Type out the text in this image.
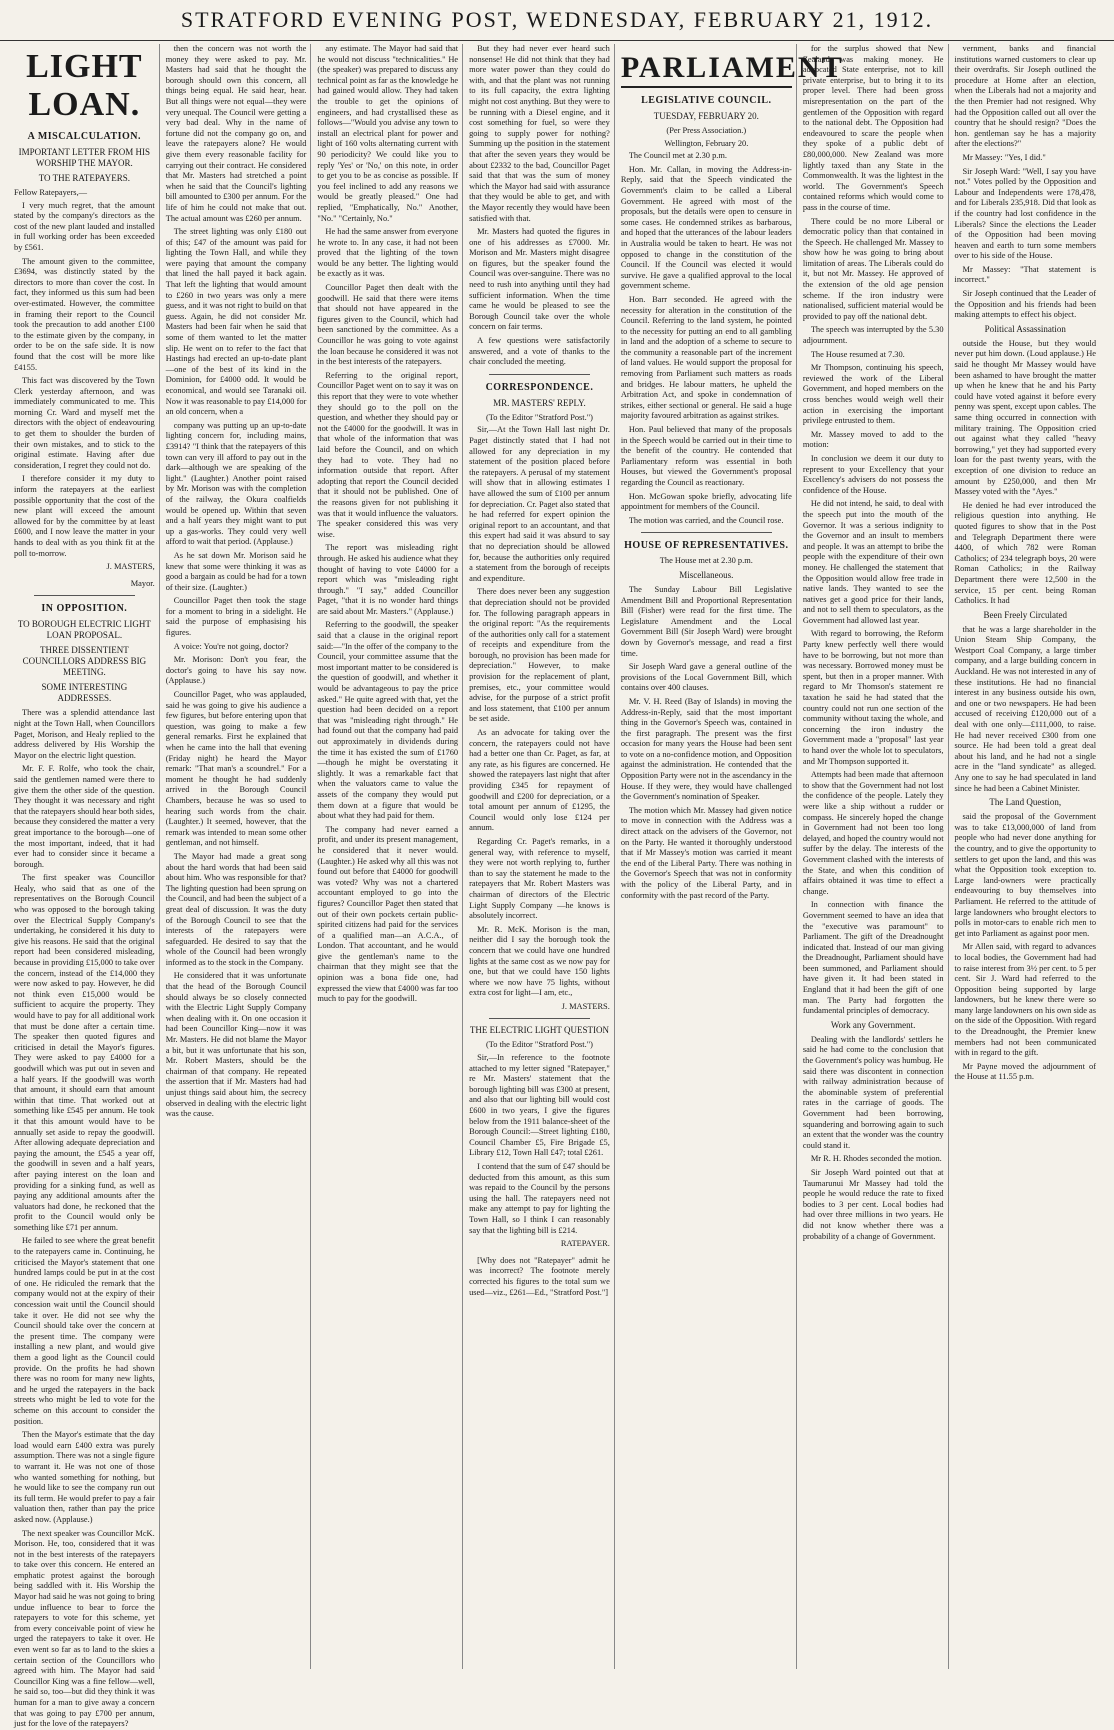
STRATFORD EVENING POST, WEDNESDAY, FEBRUARY 21, 1912.
LIGHT LOAN.
A MISCALCULATION.
IMPORTANT LETTER FROM HIS WORSHIP THE MAYOR.
TO THE RATEPAYERS.
Fellow Ratepayers,—

I very much regret, that the amount stated by the company's directors as the cost of the new plant lauded and installed in full working order has been exceeded by £561.

The amount given to the committee, £3694, was distinctly stated by the directors to more than cover the cost. In fact, they informed us this sum had been over-estimated. However, the committee in framing their report to the Council took the precaution to add another £100 to the estimate given by the company, in order to be on the safe side. It is now found that the cost will be more like £4155.

This fact was discovered by the Town Clerk yesterday afternoon, and was immediately communicated to me. This morning Cr. Ward and myself met the directors with the object of endeavouring to get them to shoulder the burden of their own mistakes, and to stick to the original estimate. Having after due consideration, I regret they could not do.

I therefore consider it my duty to inform the ratepayers at the earliest possible opportunity that the cost of the new plant will exceed the amount allowed for by the committee by at least £600, and I now leave the matter in your hands to deal with as you think fit at the poll to-morrow.

J. MASTERS,
Mayor.
IN OPPOSITION.
TO BOROUGH ELECTRIC LIGHT LOAN PROPOSAL.
THREE DISSENTIENT COUNCILLORS ADDRESS BIG MEETING.
SOME INTERESTING ADDRESSES.

There was a splendid attendance last night at the Town Hall, when Councillors Paget, Morison, and Healy replied to the address delivered by His Worship the Mayor on the electric light question.

Mr. F. F. Rolfe, who took the chair, said the gentlemen named were there to give them the other side of the question. They thought it was necessary and right that the ratepayers should hear both sides, because they considered the matter a very great importance to the borough—one of the most important, indeed, that it had ever had to consider since it became a borough.

The first speaker was Councillor Healy, who said that as one of the representatives on the Borough Council who was opposed to the borough taking over the Electrical Supply Company's undertaking, he considered it his duty to give his reasons. He said that the original report had been considered misleading, because in providing £15,000 to take over the concern, instead of the £14,000 they were now asked to pay. However, he did not think even £15,000 would be sufficient to acquire the property. They would have to pay for all additional work that must be done after a certain time. The speaker then quoted figures and criticised in detail the Mayor's figures. They were asked to pay £4000 for a goodwill which was put out in seven and a half years. If the goodwill was worth that amount, it should earn that amount within that time. That worked out at something like £545 per annum. He took it that this amount would have to be annually set aside to repay the goodwill. After allowing adequate depreciation and paying the amount, the £545 a year off, the goodwill in seven and a half years, after paying interest on the loan and providing for a sinking fund, as well as paying any additional amounts after the valuators had done, he reckoned that the profit to the Council would only be something like £71 per annum.

He failed to see where the great benefit to the ratepayers came in. Continuing, he criticised the Mayor's statement that one hundred lamps could be put in at the cost of one. He ridiculed the remark that the company would not at the expiry of their concession wait until the Council should take it over. He did not see why the Council should take over the concern at the present time. The company were installing a new plant, and would give them a good light as the Council could provide. On the profits he had shown there was no room for many new lights, and he urged the ratepayers in the back streets who might be led to vote for the scheme on this account to consider the position.

Then the Mayor's estimate that the day load would earn £400 extra was purely assumption. There was not a single figure to warrant it. He was not one of those who wanted something for nothing, but he would like to see the company run out its full term. He would prefer to pay a fair valuation then, rather than pay the price asked now. (Applause.)

The next speaker was Councillor McK. Morison. He, too, considered that it was not in the best interests of the ratepayers to take over this concern. He entered an emphatic protest against the borough being saddled with it. His Worship the Mayor had said he was not going to bring undue influence to bear to force the ratepayers to vote for this scheme, yet from every conceivable point of view he urged the ratepayers to take it over. He even went so far as to land to the skies a certain section of the Councillors who agreed with him. The Mayor had said Councillor King was a fine fellow—well, he said so, too—but did they think it was human for a man to give away a concern that was going to pay £700 per annum, just for the love of the ratepayers?

then the concern was not worth the money they were asked to pay. Mr. Masters had said that he thought the borough should own this concern, all things being equal. He said hear, hear. But all things were not equal—they were very unequal. The Council were getting a very bad deal. Why in the name of fortune did not the company go on, and leave the ratepayers alone? He would give them every reasonable facility for carrying out their contract. He considered that Mr. Masters had stretched a point when he said that the Council's lighting bill amounted to £300 per annum. For the life of him he could not make that out. The actual amount was £260 per annum.

The street lighting was only £180 out of this; £47 of the amount was paid for lighting the Town Hall, and while they were paying that amount the company that lined the hall payed it back again. That left the lighting that would amount to £260 in two years was only a mere guess, and it was not right to build on that guess. Again, he did not consider Mr. Masters had been fair when he said that some of them wanted to let the matter slip. He went on to refer to the fact that Hastings had erected an up-to-date plant—one of the best of its kind in the Dominion, for £4000 odd. It would be economical, and would see Taranaki oil. Now it was reasonable to pay £14,000 for an old concern, when a

company was putting up an up-to-date lighting concern for, including mains, £3914? "I think that the ratepayers of this town can very ill afford to pay out in the dark—although we are speaking of the light." (Laughter.) Another point raised by Mr. Morison was with the completion of the railway, the Okura coalfields would be opened up. Within that seven and a half years they might want to put up a gas-works. They could very well afford to wait that period. (Applause.)

As he sat down Mr. Morison said he knew that some were thinking it was as good a bargain as could be had for a town of their size. (Laughter.)

Councillor Paget then took the stage for a moment to bring in a sidelight. He said the purpose of emphasising his figures.

A voice: You're not going, doctor?

Mr. Morison: Don't you fear, the doctor's going to have his say now. (Applause.)

Councillor Paget, who was applauded, said he was going to give his audience a few figures, but before entering upon that question, was going to make a few general remarks. First he explained that when he came into the hall that evening (Friday night) he heard the Mayor remark: "That man's a scoundrel." For a moment he thought he had suddenly arrived in the Borough Council Chambers, because he was so used to hearing such words from the chair. (Laughter.) It seemed, however, that the remark was intended to mean some other gentleman, and not himself.

The Mayor had made a great song about the hard words that had been said about him. Who was responsible for that? The lighting question had been sprung on the Council, and had been the subject of a great deal of discussion. It was the duty of the Borough Council to see that the interests of the ratepayers were safeguarded. He desired to say that the whole of the Council had been wrongly informed as to the stock in the Company.

He considered that it was unfortunate that the head of the Borough Council should always be so closely connected with the Electric Light Supply Company when dealing with it. On one occasion it had been Councillor King—now it was Mr. Masters. He did not blame the Mayor a bit, but it was unfortunate that his son, Mr. Robert Masters, should be the chairman of that company. He repeated the assertion that if Mr. Masters had had unjust things said about him, the secrecy observed in dealing with the electric light was the cause.

any estimate. The Mayor had said that he would not discuss "technicalities." He (the speaker) was prepared to discuss any technical point as far as the knowledge he had gained would allow. They had taken the trouble to get the opinions of engineers, and had crystallised these as follows—"Would you advise any town to install an electrical plant for power and light of 160 volts alternating current with 90 periodicity? We could like you to reply 'Yes' or 'No,' on this note, in order to get you to be as concise as possible. If you feel inclined to add any reasons we would be greatly pleased." One had replied, "Emphatically, No." Another, "No." "Certainly, No."

He had the same answer from everyone he wrote to. In any case, it had not been proved that the lighting of the town would be any better. The lighting would be exactly as it was.

Councillor Paget then dealt with the goodwill. He said that there were items that should not have appeared in the figures given to the Council, which had been sanctioned by the committee. As a Councillor he was going to vote against the loan because he considered it was not in the best interests of the ratepayers.

Referring to the original report, Councillor Paget went on to say it was on this report that they were to vote whether they should go to the poll on the question, and whether they should pay or not the £4000 for the goodwill. It was in that whole of the information that was laid before the Council, and on which they had to vote. They had no information outside that report. After adopting that report the Council decided that it should not be published. One of the reasons given for not publishing it was that it would influence the valuators. The speaker considered this was very wise.

The report was misleading right through. He asked his audience what they thought of having to vote £4000 for a report which was "misleading right through." "I say," added Councillor Paget, "that it is no wonder hard things are said about Mr. Masters." (Applause.)

Referring to the goodwill, the speaker said that a clause in the original report said:—"In the offer of the company to the Council, your committee assume that the most important matter to be considered is the question of goodwill, and whether it would be advantageous to pay the price asked." He quite agreed with that, yet the question had been decided on a report that was "misleading right through." He had found out that the company had paid out approximately in dividends during the time it has existed the sum of £1760 —though he might be overstating it slightly. It was a remarkable fact that when the valuators came to value the assets of the company they would put them down at a figure that would be about what they had paid for them.

The company had never earned a profit, and under its present management, he considered that it never would. (Laughter.) He asked why all this was not found out before that £4000 for goodwill was voted? Why was not a chartered accountant employed to go into the figures? Councillor Paget then stated that out of their own pockets certain public-spirited citizens had paid for the services of a qualified man—an A.C.A., of London. That accountant, and he would give the gentleman's name to the chairman that they might see that the opinion was a bona fide one, had expressed the view that £4000 was far too much to pay for the goodwill.

But they had never ever heard such nonsense! He did not think that they had more water power than they could do with, and that the plant was not running to its full capacity, the extra lighting might not cost anything. But they were to be running with a Diesel engine, and it cost something for fuel, so were they going to supply power for nothing? Summing up the position in the statement that after the seven years they would be about £2332 to the bad, Councillor Paget said that that was the sum of money which the Mayor had said with assurance that they would be able to get, and with the Mayor recently they would have been satisfied with that.

Mr. Masters had quoted the figures in one of his addresses as £7000. Mr. Morison and Mr. Masters might disagree on figures, but the speaker found the Council was over-sanguine. There was no need to rush into anything until they had sufficient information. When the time came he would be pleased to see the Borough Council take over the whole concern on fair terms.

A few questions were satisfactorily answered, and a vote of thanks to the chair concluded the meeting.

CORRESPONDENCE.
MR. MASTERS' REPLY.
(To the Editor "Stratford Post.")

Sir,—At the Town Hall last night Dr. Paget distinctly stated that I had not allowed for any depreciation in my statement of the position placed before the ratepayers. A perusal of my statement will show that in allowing estimates I have allowed the sum of £100 per annum for depreciation. Cr. Paget also stated that he had referred for expert opinion the original report to an accountant, and that this expert had said it was absurd to say that no depreciation should be allowed for, because the authorities only required a statement from the borough of receipts and expenditure.

There does never been any suggestion that depreciation should not be provided for. The following paragraph appears in the original report: "As the requirements of the authorities only call for a statement of receipts and expenditure from the borough, no provision has been made for depreciation." However, to make provision for the replacement of plant, premises, etc., your committee would advise, for the purpose of a strict profit and loss statement, that £100 per annum be set aside.

As an advocate for taking over the concern, the ratepayers could not have had a better one than Cr. Paget, as far, at any rate, as his figures are concerned. He showed the ratepayers last night that after providing £345 for repayment of goodwill and £200 for depreciation, or a total amount per annum of £1295, the Council would only lose £124 per annum.

Regarding Cr. Paget's remarks, in a general way, with reference to myself, they were not worth replying to, further than to say the statement he made to the ratepayers that Mr. Robert Masters was chairman of directors of the Electric Light Supply Company —he knows is absolutely incorrect.

Mr. R. McK. Morison is the man, neither did I say the borough took the concern that we could have one hundred lights at the same cost as we now pay for one, but that we could have 150 lights where we now have 75 lights, without extra cost for light—I am, etc.,

J. MASTERS.
THE ELECTRIC LIGHT QUESTION
(To the Editor "Stratford Post.")

Sir,—In reference to the footnote attached to my letter signed "Ratepayer," re Mr. Masters' statement that the borough lighting bill was £300 at present, and also that our lighting bill would cost £600 in two years, I give the figures below from the 1911 balance-sheet of the Borough Council:—Street lighting £180, Council Chamber £5, Fire Brigade £5, Library £12, Town Hall £47; total £261.

I contend that the sum of £47 should be deducted from this amount, as this sum was repaid to the Council by the persons using the hall. The ratepayers need not make any attempt to pay for lighting the Town Hall, so I think I can reasonably say that the lighting bill is £214.

RATEPAYER.

[Why does not "Ratepayer" admit he was incorrect? The footnote merely corrected his figures to the total sum we used—viz., £261—Ed., "Stratford Post."]

PARLIAMENT
LEGISLATIVE COUNCIL.
TUESDAY, FEBRUARY 20.
(Per Press Association.)
Wellington, February 20.

The Council met at 2.30 p.m.

Hon. Mr. Callan, in moving the Address-in-Reply, said that the Speech vindicated the Government's claim to be called a Liberal Government. He agreed with most of the proposals, but the details were open to censure in some cases. He condemned strikes as barbarous, and hoped that the utterances of the labour leaders in Australia would be taken to heart. He was not opposed to change in the constitution of the Council. If the Council was elected it would survive. He gave a qualified approval to the local government scheme.

Hon. Barr seconded. He agreed with the necessity for alteration in the constitution of the Council. Referring to the land system, he pointed to the necessity for putting an end to all gambling in land and the adoption of a scheme to secure to the community a reasonable part of the increment of land values. He would support the proposal for removing from Parliament such matters as roads and bridges. He labour matters, he upheld the Arbitration Act, and spoke in condemnation of strikes, either sectional or general. He said a huge majority favoured arbitration as against strikes.

Hon. Paul believed that many of the proposals in the Speech would be carried out in their time to the benefit of the country. He contended that Parliamentary reform was essential in both Houses, but viewed the Government's proposal regarding the Council as reactionary.

Hon. McGowan spoke briefly, advocating life appointment for members of the Council.

The motion was carried, and the Council rose.

HOUSE OF REPRESENTATIVES.
The House met at 2.30 p.m.
Miscellaneous.

The Sunday Labour Bill Legislative Amendment Bill and Proportional Representation Bill (Fisher) were read for the first time. The Legislature Amendment and the Local Government Bill (Sir Joseph Ward) were brought down by Governor's message, and read a first time.

Sir Joseph Ward gave a general outline of the provisions of the Local Government Bill, which contains over 400 clauses.

Mr. V. H. Reed (Bay of Islands) in moving the Address-in-Reply, said that the most important thing in the Governor's Speech was, contained in the first paragraph. The present was the first occasion for many years the House had been sent to vote on a no-confidence motion, and Opposition against the administration. He contended that the Opposition Party were not in the ascendancy in the House. If they were, they would have challenged the Government's nomination of Speaker.

The motion which Mr. Massey had given notice to move in connection with the Address was a direct attack on the advisers of the Governor, not on the Party. He wanted it thoroughly understood that if Mr Massey's motion was carried it meant the end of the Liberal Party. There was nothing in the Governor's Speech that was not in conformity with the policy of the Liberal Party, and in conformity with the past record of the Party.

for the surplus showed that New Zealand was making money. He advocated State enterprise, not to kill private enterprise, but to bring it to its proper level. There had been gross misrepresentation on the part of the gentlemen of the Opposition with regard to the national debt. The Opposition had endeavoured to scare the people when they spoke of a public debt of £80,000,000. New Zealand was more lightly taxed than any State in the Commonwealth. It was the lightest in the world. The Government's Speech contained reforms which would come to pass in the course of time.

There could be no more Liberal or democratic policy than that contained in the Speech. He challenged Mr. Massey to show how he was going to bring about limitation of areas. The Liberals could do it, but not Mr. Massey. He approved of the extension of the old age pension scheme. If the iron industry were nationalised, sufficient material would be provided to pay off the national debt.

The speech was interrupted by the 5.30 adjournment.

The House resumed at 7.30.

Mr Thompson, continuing his speech, reviewed the work of the Liberal Government, and hoped members on the cross benches would weigh well their action in exercising the important privilege entrusted to them.

Mr. Massey moved to add to the motion:

In conclusion we deem it our duty to represent to your Excellency that your Excellency's advisers do not possess the confidence of the House.

He did not intend, he said, to deal with the speech put into the mouth of the Governor. It was a serious indignity to the Governor and an insult to members and people. It was an attempt to bribe the people with the expenditure of their own money. He challenged the statement that the Opposition would allow free trade in native lands. They wanted to see the natives get a good price for their lands, and not to sell them to speculators, as the Government had allowed last year.

With regard to borrowing, the Reform Party knew perfectly well there would have to be borrowing, but not more than was necessary. Borrowed money must be spent, but then in a proper manner. With regard to Mr Thomson's statement re taxation he said he had stated that the country could not run one section of the community without taxing the whole, and concerning the iron industry the Government made a "proposal" last year to hand over the whole lot to speculators, and Mr Thompson supported it.

Attempts had been made that afternoon to show that the Government had not lost the confidence of the people. Lately they were like a ship without a rudder or compass. He sincerely hoped the change in Government had not been too long delayed, and hoped the country would not suffer by the delay. The interests of the Government clashed with the interests of the State, and when this condition of affairs obtained it was time to effect a change.

In connection with finance the Government seemed to have an idea that the "executive was paramount" to Parliament. The gift of the Dreadnought indicated that. Instead of our man giving the Dreadnought, Parliament should have been summoned, and Parliament should have given it. It had been stated in England that it had been the gift of one man. The Party had forgotten the fundamental principles of democracy.

Work any Government.

Dealing with the landlords' settlers he said he had come to the conclusion that the Government's policy was humbug. He said there was discontent in connection with railway administration because of the abominable system of preferential rates in the carriage of goods. The Government had been borrowing, squandering and borrowing again to such an extent that the wonder was the country could stand it.

Mr R. H. Rhodes seconded the motion.

Sir Joseph Ward pointed out that at Taumarunui Mr Massey had told the people he would reduce the rate to fixed bodies to 3 per cent. Local bodies had had over three millions in two years. He did not know whether there was a probability of a change of Government.

vernment, banks and financial institutions warned customers to clear up their overdrafts. Sir Joseph outlined the procedure at Home after an election, when the Liberals had not a majority and the then Premier had not resigned. Why had the Opposition called out all over the country that he should resign? "Does the hon. gentleman say he has a majority after the elections?"

Mr Massey: "Yes, I did."

Sir Joseph Ward: "Well, I say you have not." Votes polled by the Opposition and Labour and Independents were 178,478, and for Liberals 235,918. Did that look as if the country had lost confidence in the Liberals? Since the elections the Leader of the Opposition had been moving heaven and earth to turn some members over to his side of the House.

Mr Massey: "That statement is incorrect."

Sir Joseph continued that the Leader of the Opposition and his friends had been making attempts to effect his object.

Political Assassination

outside the House, but they would never put him down. (Loud applause.) He said he thought Mr Massey would have been ashamed to have brought the matter up when he knew that he and his Party could have voted against it before every penny was spent, except upon cables. The same thing occurred in connection with military training. The Opposition cried out against what they called "heavy borrowing," yet they had supported every loan for the past twenty years, with the exception of one division to reduce an amount by £250,000, and then Mr Massey voted with the "Ayes."

He denied he had ever introduced the religious question into anything. He quoted figures to show that in the Post and Telegraph Department there were 4400, of which 782 were Roman Catholics; of 234 telegraph boys, 20 were Roman Catholics; in the Railway Department there were 12,500 in the service, 15 per cent. being Roman Catholics. It had

Been Freely Circulated

that he was a large shareholder in the Union Steam Ship Company, the Westport Coal Company, a large timber company, and a large building concern in Auckland. He was not interested in any of these institutions. He had no financial interest in any business outside his own, and one or two newspapers. He had been accused of receiving £120,000 out of a deal with one only—£111,000, to raise. He had never received £300 from one source. He had been told a great deal about his land, and he had not a single acre in the "land syndicate" as alleged. Any one to say he had speculated in land since he had been a Cabinet Minister.

The Land Question,

said the proposal of the Government was to take £13,000,000 of land from people who had never done anything for the country, and to give the opportunity to settlers to get upon the land, and this was what the Opposition took exception to. Large land-owners were practically endeavouring to buy themselves into Parliament. He referred to the attitude of large landowners who brought electors to polls in motor-cars to enable rich men to get into Parliament as against poor men.

Mr Allen said, with regard to advances to local bodies, the Government had had to raise interest from 3½ per cent. to 5 per cent. Sir J. Ward had referred to the Opposition being supported by large landowners, but he knew there were so many large landowners on his own side as on the side of the Opposition. With regard to the Dreadnought, the Premier knew members had not been communicated with in regard to the gift.

Mr Payne moved the adjournment of the House at 11.55 p.m.
